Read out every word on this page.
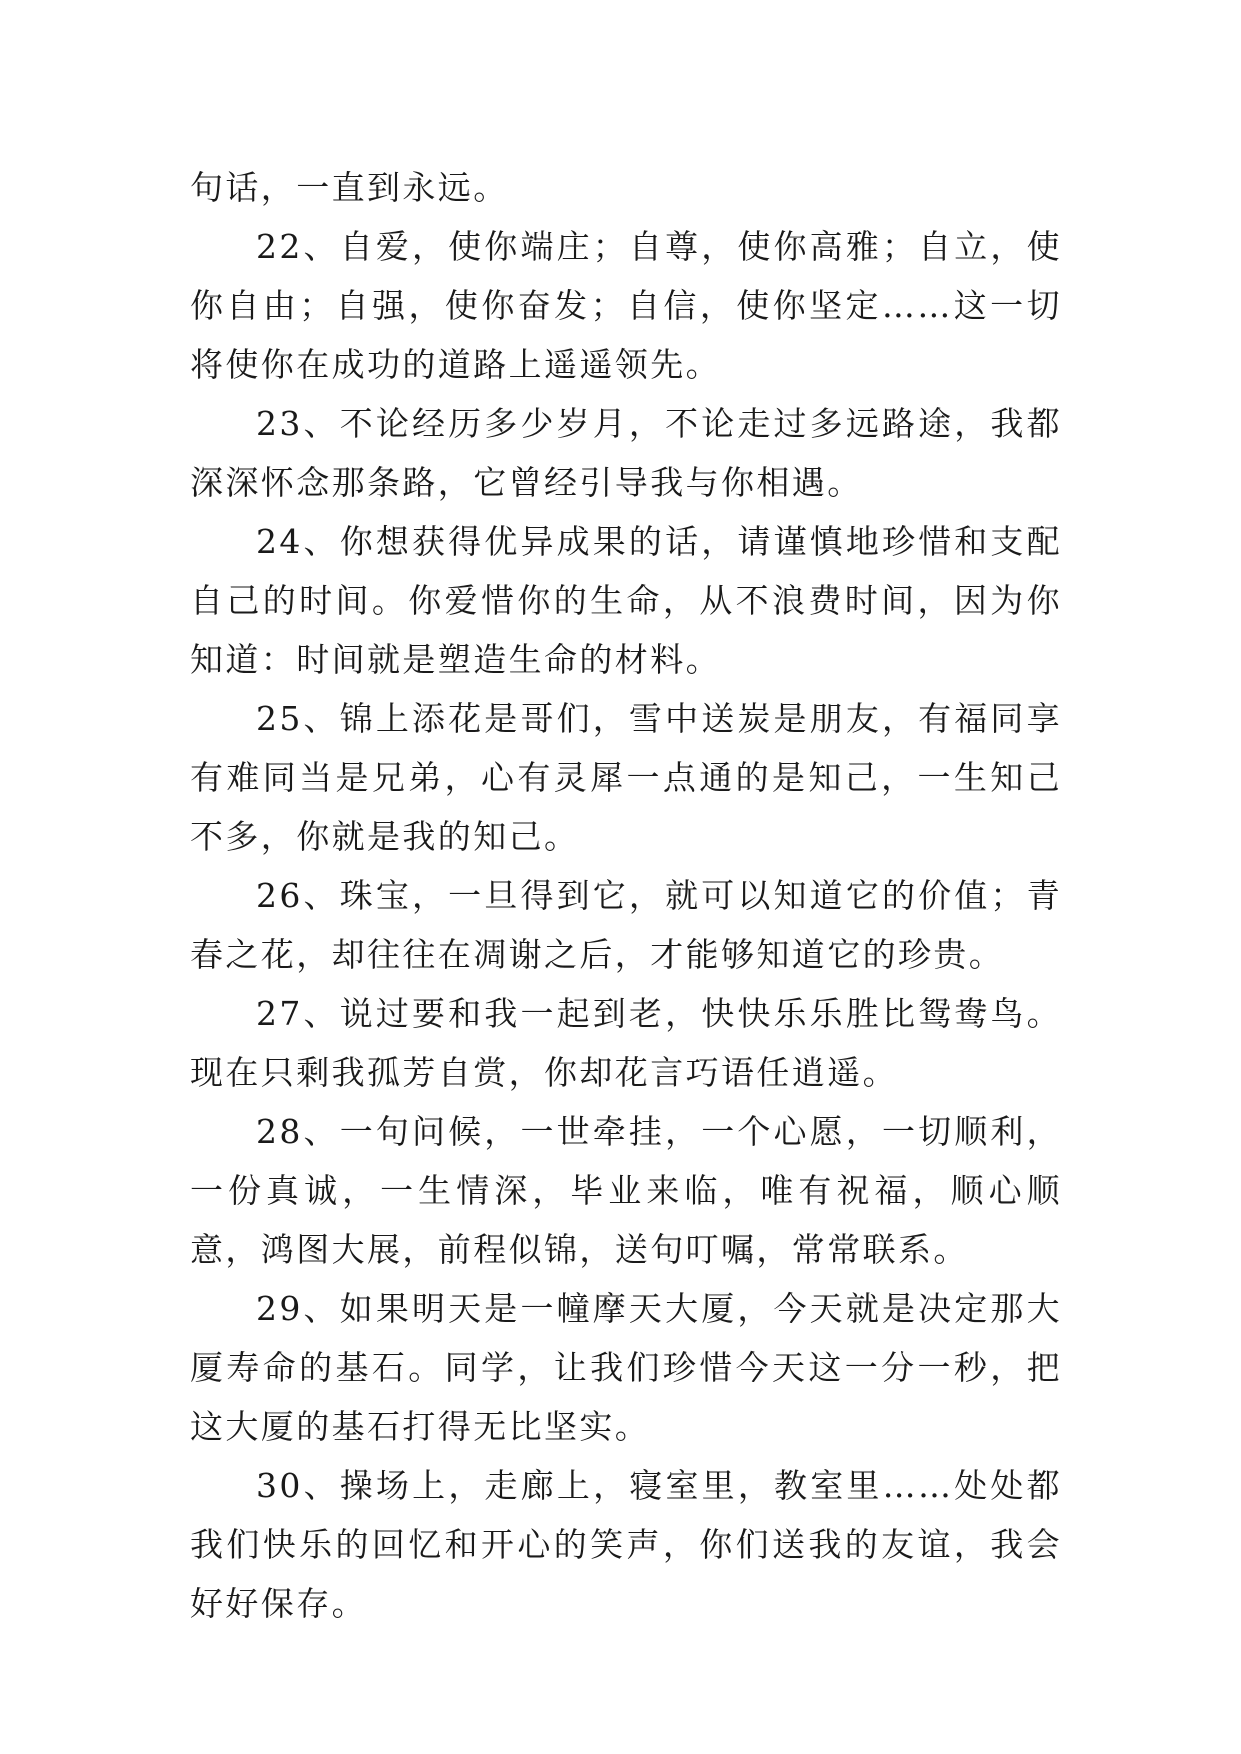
句话，一直到永远。

22、自爱，使你端庄；自尊，使你高雅；自立，使你自由；自强，使你奋发；自信，使你坚定……这一切将使你在成功的道路上遥遥领先。

23、不论经历多少岁月，不论走过多远路途，我都深深怀念那条路，它曾经引导我与你相遇。

24、你想获得优异成果的话，请谨慎地珍惜和支配自己的时间。你爱惜你的生命，从不浪费时间，因为你知道：时间就是塑造生命的材料。

25、锦上添花是哥们，雪中送炭是朋友，有福同享有难同当是兄弟，心有灵犀一点通的是知己，一生知己不多，你就是我的知己。

26、珠宝，一旦得到它，就可以知道它的价值；青春之花，却往往在凋谢之后，才能够知道它的珍贵。

27、说过要和我一起到老，快快乐乐胜比鸳鸯鸟。现在只剩我孤芳自赏，你却花言巧语任逍遥。

28、一句问候，一世牵挂，一个心愿，一切顺利，一份真诚，一生情深，毕业来临，唯有祝福，顺心顺意，鸿图大展，前程似锦，送句叮嘱，常常联系。

29、如果明天是一幢摩天大厦，今天就是决定那大厦寿命的基石。同学，让我们珍惜今天这一分一秒，把这大厦的基石打得无比坚实。

30、操场上，走廊上，寝室里，教室里……处处都我们快乐的回忆和开心的笑声，你们送我的友谊，我会好好保存。
